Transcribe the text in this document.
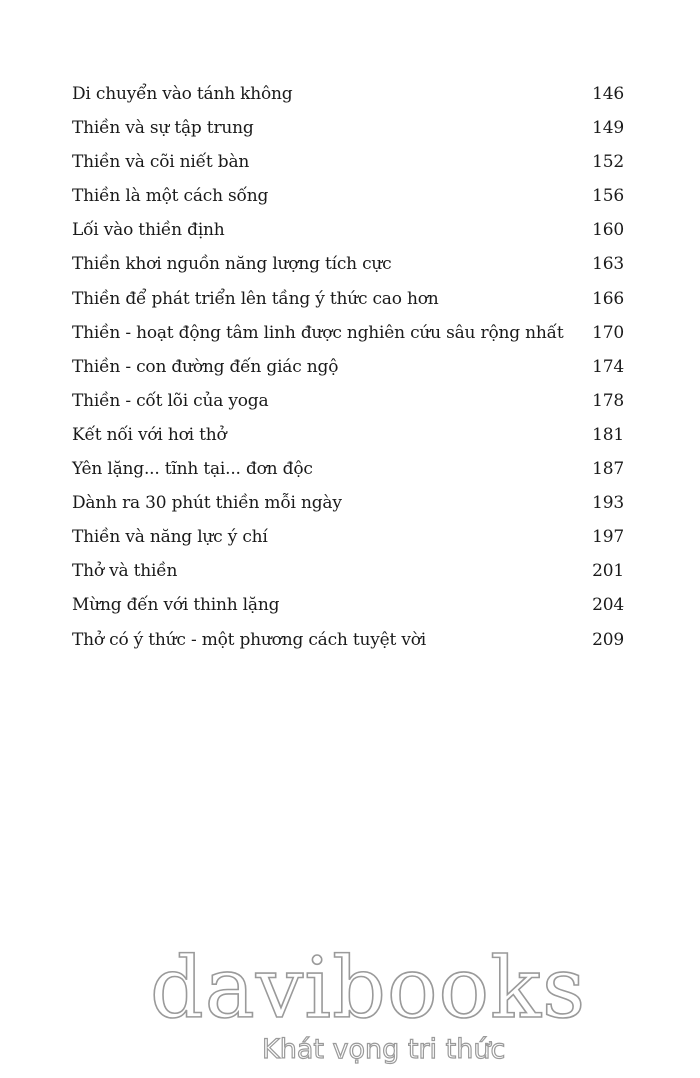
Di chuyển vào tánh không	146
Thiền và sự tập trung	149
Thiền và cõi niết bàn	152
Thiền là một cách sống	156
Lối vào thiền định	160
Thiền khơi nguồn năng lượng tích cực	163
Thiền để phát triển lên tầng ý thức cao hơn	166
Thiền - hoạt động tâm linh được nghiên cứu sâu rộng nhất 170
Thiền - con đường đến giác ngộ	174
Thiền - cốt lõi của yoga	178
Kết nối với hơi thở	181
Yên lặng... tĩnh tại... đơn độc	187
Dành ra 30 phút thiền mỗi ngày	193
Thiền và năng lực ý chí	197
Thở và thiền	201
Mừng đến với thinh lặng	204
Thở có ý thức - một phương cách tuyệt vời	209
davibooks
Khát vọng tri thức
